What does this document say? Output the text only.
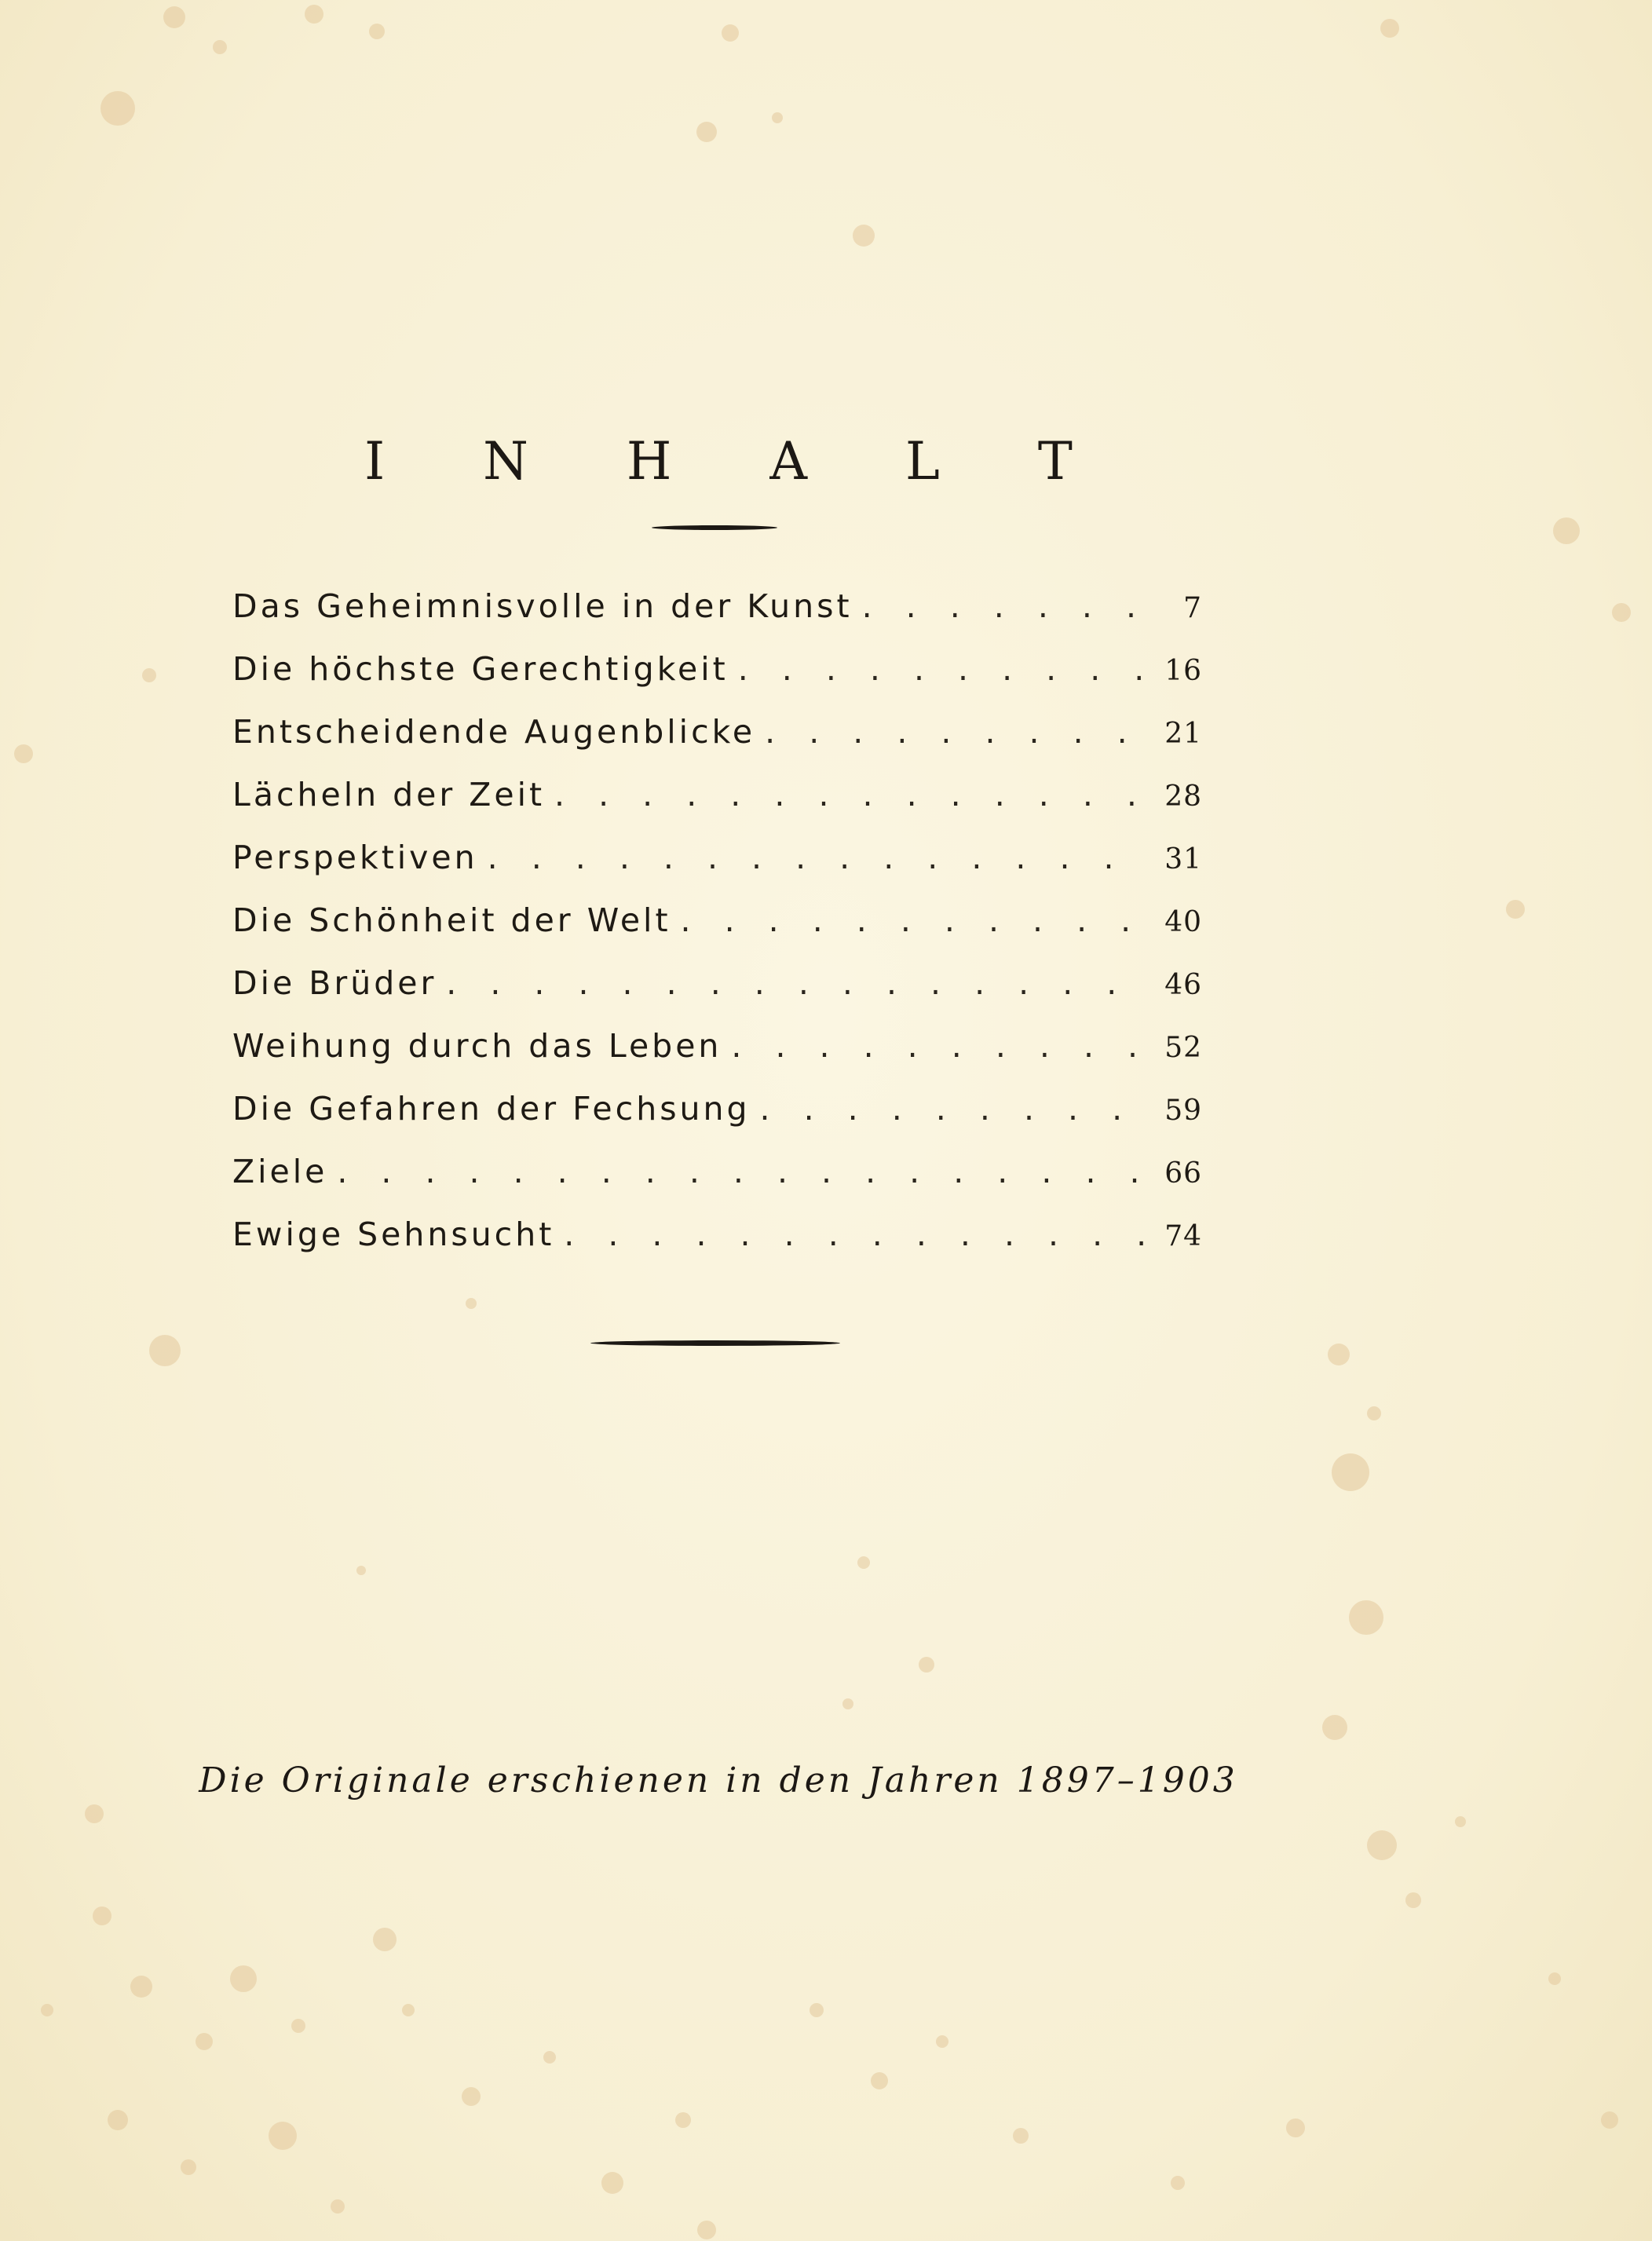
I N H A L T
Das Geheimnisvolle in der Kunst . . .	7
Die höchste Gerechtigkeit . . .	16
Entscheidende Augenblicke . . .	21
Lächeln der Zeit . . .	28
Perspektiven . . .	31
Die Schönheit der Welt . . .	40
Die Brüder . . .	46
Weihung durch das Leben . . .	52
Die Gefahren der Fechsung . . .	59
Ziele . . .	66
Ewige Sehnsucht . . .	74
Die Originale erschienen in den Jahren 1897–1903
